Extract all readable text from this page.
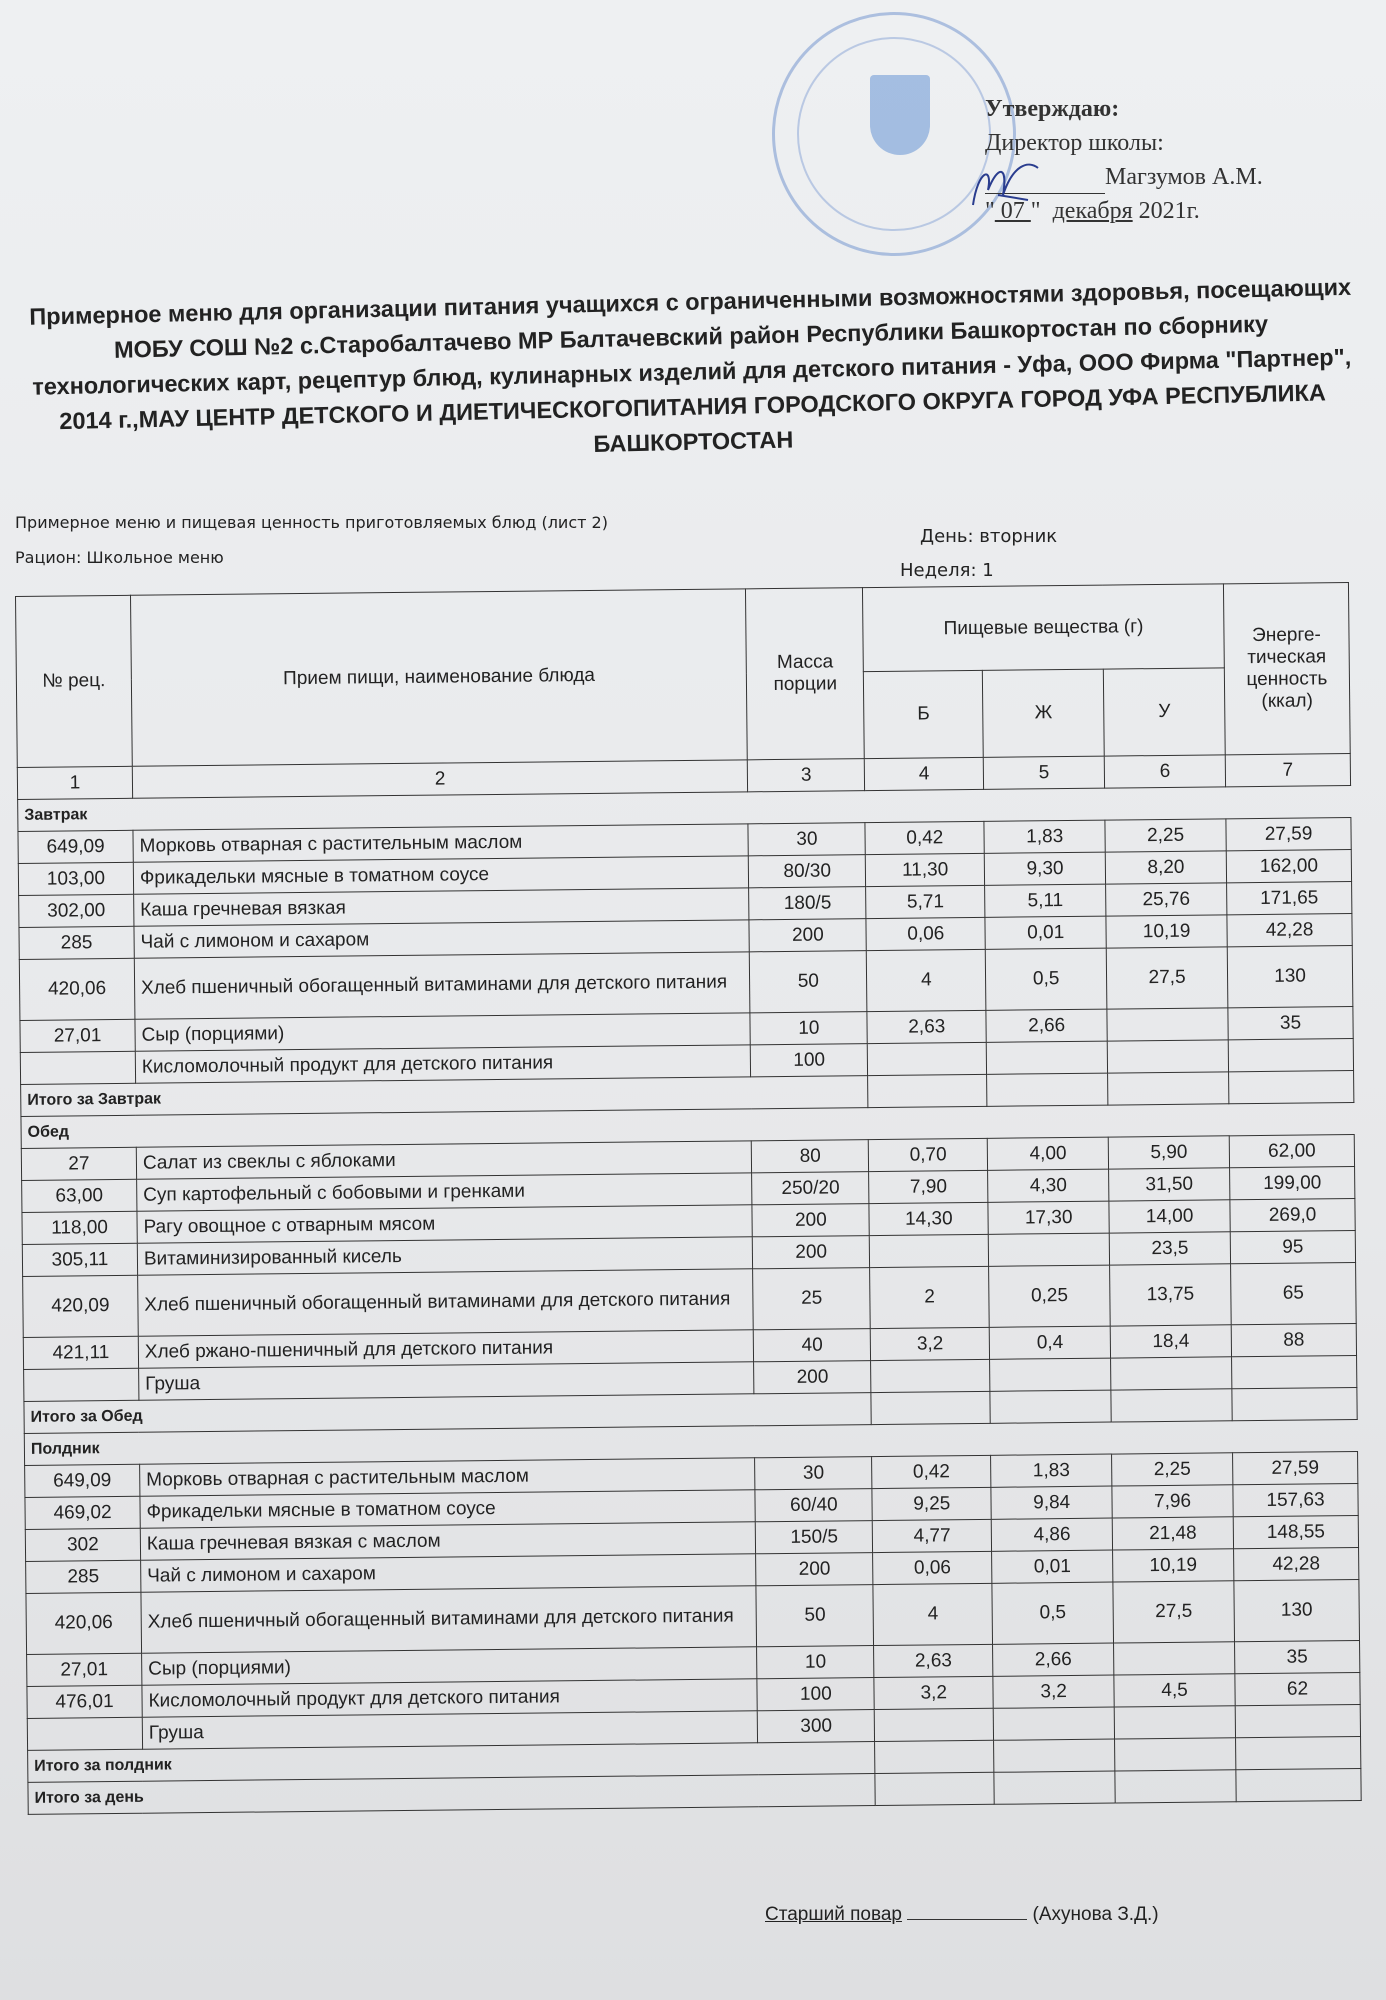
Утверждаю:
Директор школы:
Магзумов А.М.
" 07 "  декабря 2021г.
Примерное меню для организации питания учащихся с ограниченными возможностями здоровья, посещающих МОБУ СОШ №2 с.Старобалтачево МР Балтачевский район Республики Башкортостан по сборнику технологических карт, рецептур блюд, кулинарных изделий для детского питания - Уфа, ООО Фирма "Партнер", 2014 г.,МАУ ЦЕНТР ДЕТСКОГО И ДИЕТИЧЕСКОГОПИТАНИЯ ГОРОДСКОГО ОКРУГА ГОРОД УФА РЕСПУБЛИКА БАШКОРТОСТАН
Примерное меню и пищевая ценность приготовляемых блюд (лист 2)
Рацион: Школьное меню
День: вторник
Неделя: 1
№ рец.	Прием пищи, наименование блюда	Масса порции	Пищевые вещества (г)			Энерге-тическая ценность (ккал)
			Б	Ж	У	
1	2	3	4	5	6	7
Завтрак						
649,09	Морковь отварная с растительным маслом	30	0,42	1,83	2,25	27,59
103,00	Фрикадельки мясные в томатном соусе	80/30	11,30	9,30	8,20	162,00
302,00	Каша гречневая вязкая	180/5	5,71	5,11	25,76	171,65
285	Чай с лимоном и сахаром	200	0,06	0,01	10,19	42,28
420,06	Хлеб пшеничный обогащенный витаминами для детского питания	50	4	0,5	27,5	130
27,01	Сыр (порциями)	10	2,63	2,66		35
	Кисломолочный продукт для детского питания	100				
Итого за Завтрак						
Обед						
27	Салат из свеклы с яблоками	80	0,70	4,00	5,90	62,00
63,00	Суп картофельный с бобовыми и гренками	250/20	7,90	4,30	31,50	199,00
118,00	Рагу овощное с отварным мясом	200	14,30	17,30	14,00	269,0
305,11	Витаминизированный кисель	200			23,5	95
420,09	Хлеб пшеничный обогащенный витаминами для детского питания	25	2	0,25	13,75	65
421,11	Хлеб ржано-пшеничный для детского питания	40	3,2	0,4	18,4	88
	Груша	200				
Итого за Обед						
Полдник						
649,09	Морковь отварная с растительным маслом	30	0,42	1,83	2,25	27,59
469,02	Фрикадельки мясные в томатном соусе	60/40	9,25	9,84	7,96	157,63
302	Каша гречневая вязкая с маслом	150/5	4,77	4,86	21,48	148,55
285	Чай с лимоном и сахаром	200	0,06	0,01	10,19	42,28
420,06	Хлеб пшеничный обогащенный витаминами для детского питания	50	4	0,5	27,5	130
27,01	Сыр (порциями)	10	2,63	2,66		35
476,01	Кисломолочный продукт для детского питания	100	3,2	3,2	4,5	62
	Груша	300				
Итого за полдник						
Итого за день						
Старший повар	(Ахунова З.Д.)
